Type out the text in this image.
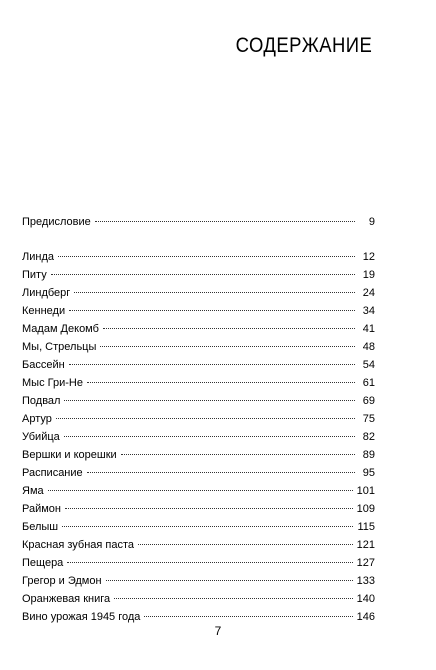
СОДЕРЖАНИЕ
Предисловие	9
Линда	12
Питу	19
Линдберг	24
Кеннеди	34
Мадам Декомб	41
Мы, Стрельцы	48
Бассейн	54
Мыс Гри-Не	61
Подвал	69
Артур	75
Убийца	82
Вершки и корешки	89
Расписание	95
Яма	101
Раймон	109
Белыш	115
Красная зубная паста	121
Пещера	127
Грегор и Эдмон	133
Оранжевая книга	140
Вино урожая 1945 года	146
7
